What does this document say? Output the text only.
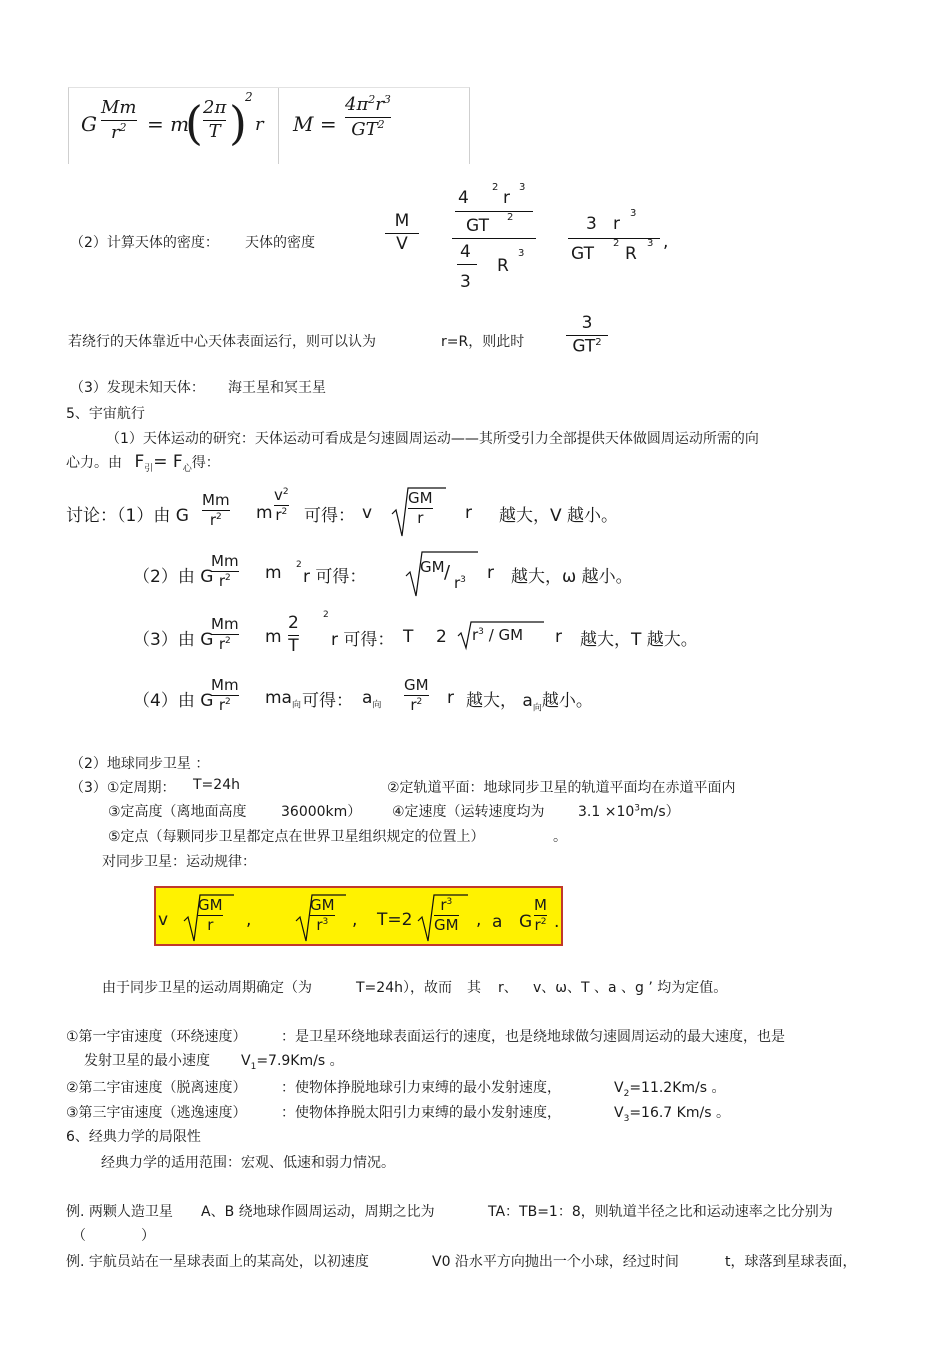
G
Mm
$r^2 = m$
( 2π
T )
2
r M =
$4\pi^2r^3$
$GT^2$
（2）计算天体的密度： 天体的密度
M
V
4
2
r
3
GT 2
4
3
R
3
3 r
3
GT
2
R
3 ,
若绕行的天体靠近中心天体表面运行，则可以认为	r=R，则此时
3
$GT^2$
（3）发现未知天体： 海王星和冥王星
5、宇宙航行
（1）天体运动的研究：天体运动可看成是匀速圆周运动——其所受引力全部提供天体做圆周运动所需的向
心力。由 $F_引= F_心$得：
讨论：（1）由 G
Mm
$r^2$ m
$v^2$
$r^2$ 可得： v
GM
r r 越大，V 越小。
（2）由 G
Mm
$r^2$ m 2
r 可得：	GM / $r^3$ r 越大，ω 越小。
（3）由 G
Mm
$r^2$ m
2
T
2
r 可得： T 2 $r^3$ / GM r 越大，T 越大。
（4）由 G
Mm
$r^2$ $ma_向$ 可得： $a_向$
GM
$r^2$ r 越大， $a_向$越小。
（2）地球同步卫星 ：
（3）①定周期： T=24h	②定轨道平面：地球同步卫星的轨道平面均在赤道平面内
③定高度（离地面高度 36000km） ④定速度（运转速度均为 $3.1 \times 10^3m/s$）
⑤定点（每颗同步卫星都定点在世界卫星组织规定的位置上）	。
对同步卫星：运动规律：
v
GM
r ,
GM
$r^3$ , T=2
$r^3$
GM , a G
M
$r^2$ .
由于同步卫星的运动周期确定（为	T=24h），故而 其 r、 v、ω、T 、a 、g ’ 均为定值。
①第一宇宙速度（环绕速度） ：是卫星环绕地球表面运行的速度，也是绕地球做匀速圆周运动的最大速度，也是
发射卫星的最小速度 $V_1=7.9Km/s$ 。
②第二宇宙速度（脱离速度） ：使物体挣脱地球引力束缚的最小发射速度，	$V_2=11.2Km/s$ 。
③第三宇宙速度（逃逸速度） ：使物体挣脱太阳引力束缚的最小发射速度，	$V_3=16.7$ Km/s 。
6、经典力学的局限性
经典力学的适用范围：宏观、低速和弱力情况。
例. 两颗人造卫星 A、B 绕地球作圆周运动，周期之比为	TA：TB=1：8，则轨道半径之比和运动速率之比分别为
（	）
例. 宇航员站在一星球表面上的某高处，以初速度	V0 沿水平方向抛出一个小球，经过时间	t，球落到星球表面，
